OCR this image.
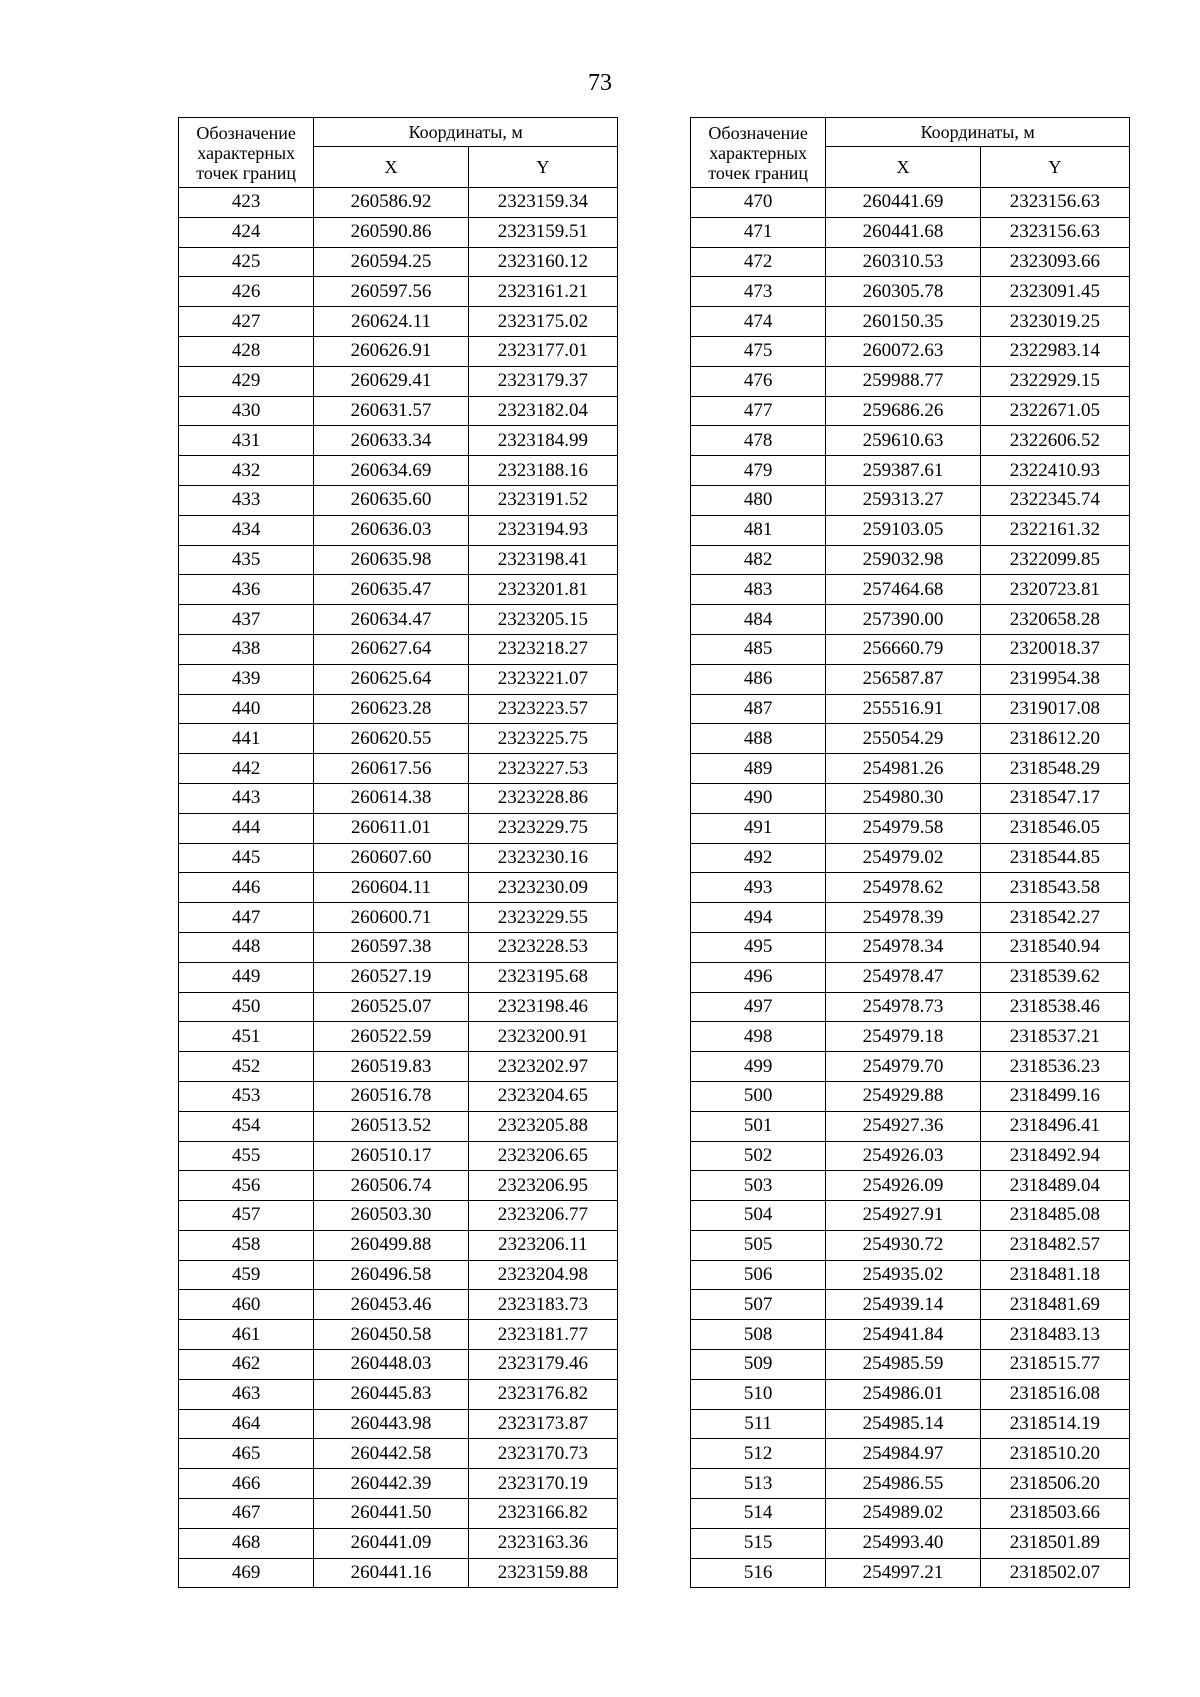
73
Обозначение характерных точек границ	Координаты, м	
	X	Y
423	260586.92	2323159.34
424	260590.86	2323159.51
425	260594.25	2323160.12
426	260597.56	2323161.21
427	260624.11	2323175.02
428	260626.91	2323177.01
429	260629.41	2323179.37
430	260631.57	2323182.04
431	260633.34	2323184.99
432	260634.69	2323188.16
433	260635.60	2323191.52
434	260636.03	2323194.93
435	260635.98	2323198.41
436	260635.47	2323201.81
437	260634.47	2323205.15
438	260627.64	2323218.27
439	260625.64	2323221.07
440	260623.28	2323223.57
441	260620.55	2323225.75
442	260617.56	2323227.53
443	260614.38	2323228.86
444	260611.01	2323229.75
445	260607.60	2323230.16
446	260604.11	2323230.09
447	260600.71	2323229.55
448	260597.38	2323228.53
449	260527.19	2323195.68
450	260525.07	2323198.46
451	260522.59	2323200.91
452	260519.83	2323202.97
453	260516.78	2323204.65
454	260513.52	2323205.88
455	260510.17	2323206.65
456	260506.74	2323206.95
457	260503.30	2323206.77
458	260499.88	2323206.11
459	260496.58	2323204.98
460	260453.46	2323183.73
461	260450.58	2323181.77
462	260448.03	2323179.46
463	260445.83	2323176.82
464	260443.98	2323173.87
465	260442.58	2323170.73
466	260442.39	2323170.19
467	260441.50	2323166.82
468	260441.09	2323163.36
469	260441.16	2323159.88
Обозначение характерных точек границ	Координаты, м	
	X	Y
470	260441.69	2323156.63
471	260441.68	2323156.63
472	260310.53	2323093.66
473	260305.78	2323091.45
474	260150.35	2323019.25
475	260072.63	2322983.14
476	259988.77	2322929.15
477	259686.26	2322671.05
478	259610.63	2322606.52
479	259387.61	2322410.93
480	259313.27	2322345.74
481	259103.05	2322161.32
482	259032.98	2322099.85
483	257464.68	2320723.81
484	257390.00	2320658.28
485	256660.79	2320018.37
486	256587.87	2319954.38
487	255516.91	2319017.08
488	255054.29	2318612.20
489	254981.26	2318548.29
490	254980.30	2318547.17
491	254979.58	2318546.05
492	254979.02	2318544.85
493	254978.62	2318543.58
494	254978.39	2318542.27
495	254978.34	2318540.94
496	254978.47	2318539.62
497	254978.73	2318538.46
498	254979.18	2318537.21
499	254979.70	2318536.23
500	254929.88	2318499.16
501	254927.36	2318496.41
502	254926.03	2318492.94
503	254926.09	2318489.04
504	254927.91	2318485.08
505	254930.72	2318482.57
506	254935.02	2318481.18
507	254939.14	2318481.69
508	254941.84	2318483.13
509	254985.59	2318515.77
510	254986.01	2318516.08
511	254985.14	2318514.19
512	254984.97	2318510.20
513	254986.55	2318506.20
514	254989.02	2318503.66
515	254993.40	2318501.89
516	254997.21	2318502.07
